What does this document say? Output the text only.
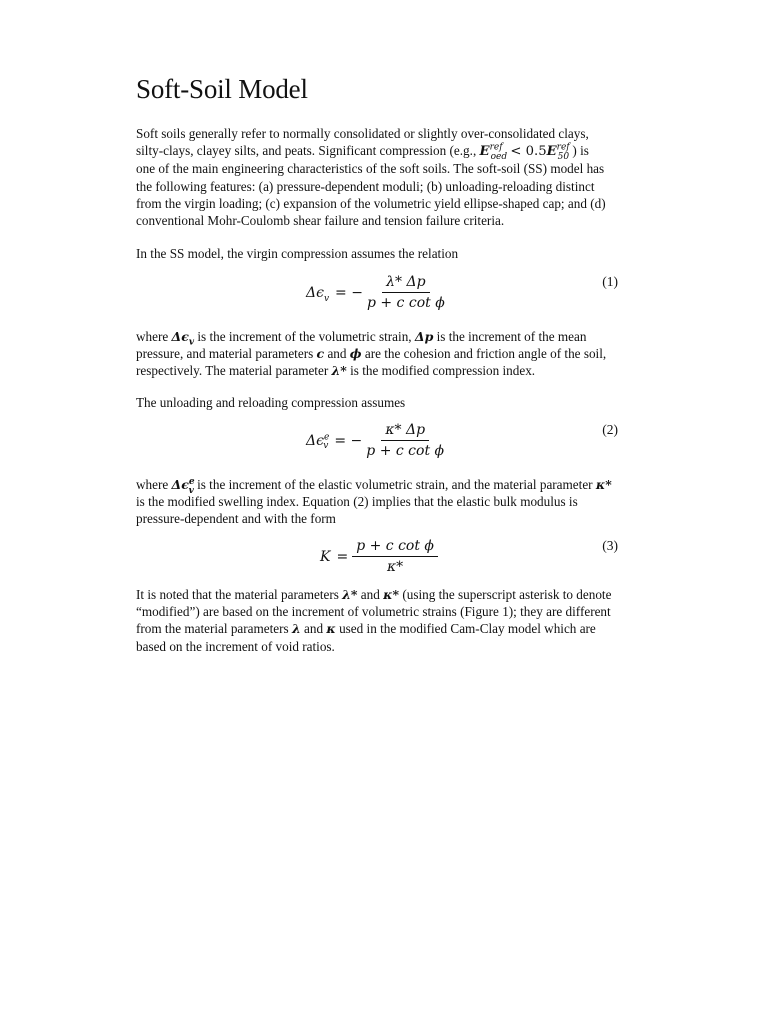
Soft-Soil Model

Soft soils generally refer to normally consolidated or slightly over-consolidated clays,

silty-clays, clayey silts, and peats. Significant compression (e.g., $E^{ref}_{oed} < 0.5E^{ref}_{50}$ ) is

one of the main engineering characteristics of the soft soils. The soft-soil (SS) model has the following features: (a) pressure-dependent moduli; (b) unloading-reloading distinct from the virgin loading; (c) expansion of the volumetric yield ellipse-shaped cap; and (d) conventional Mohr-Coulomb shear failure and tension failure criteria.

In the SS model, the virgin compression assumes the relation

$\Delta\epsilon_v$ = − $\frac{\lambda* \Delta p}{\text{p + c cot ϕ}}$	(1)

where $\Delta\epsilon_v$ is the increment of the volumetric strain, Δp is the increment of the mean pressure, and material parameters c and ϕ are the cohesion and friction angle of the soil, respectively. The material parameter λ* is the modified compression index.

The unloading and reloading compression assumes

$\Delta\epsilon^e_v$ = − $\frac{\kappa* \Delta p}{\text{p + c cot ϕ}}$	(2)

where $\Delta\epsilon^e_v$ is the increment of the elastic volumetric strain, and the material parameter κ* is the modified swelling index. Equation (2) implies that the elastic bulk modulus is pressure-dependent and with the form

$K = \frac{\text{p + c cot ϕ}}{\kappa*}$	(3)

It is noted that the material parameters λ* and κ* (using the superscript asterisk to denote “modified”) are based on the increment of volumetric strains (Figure 1); they are different from the material parameters λ and κ used in the modified Cam-Clay model which are based on the increment of void ratios.
